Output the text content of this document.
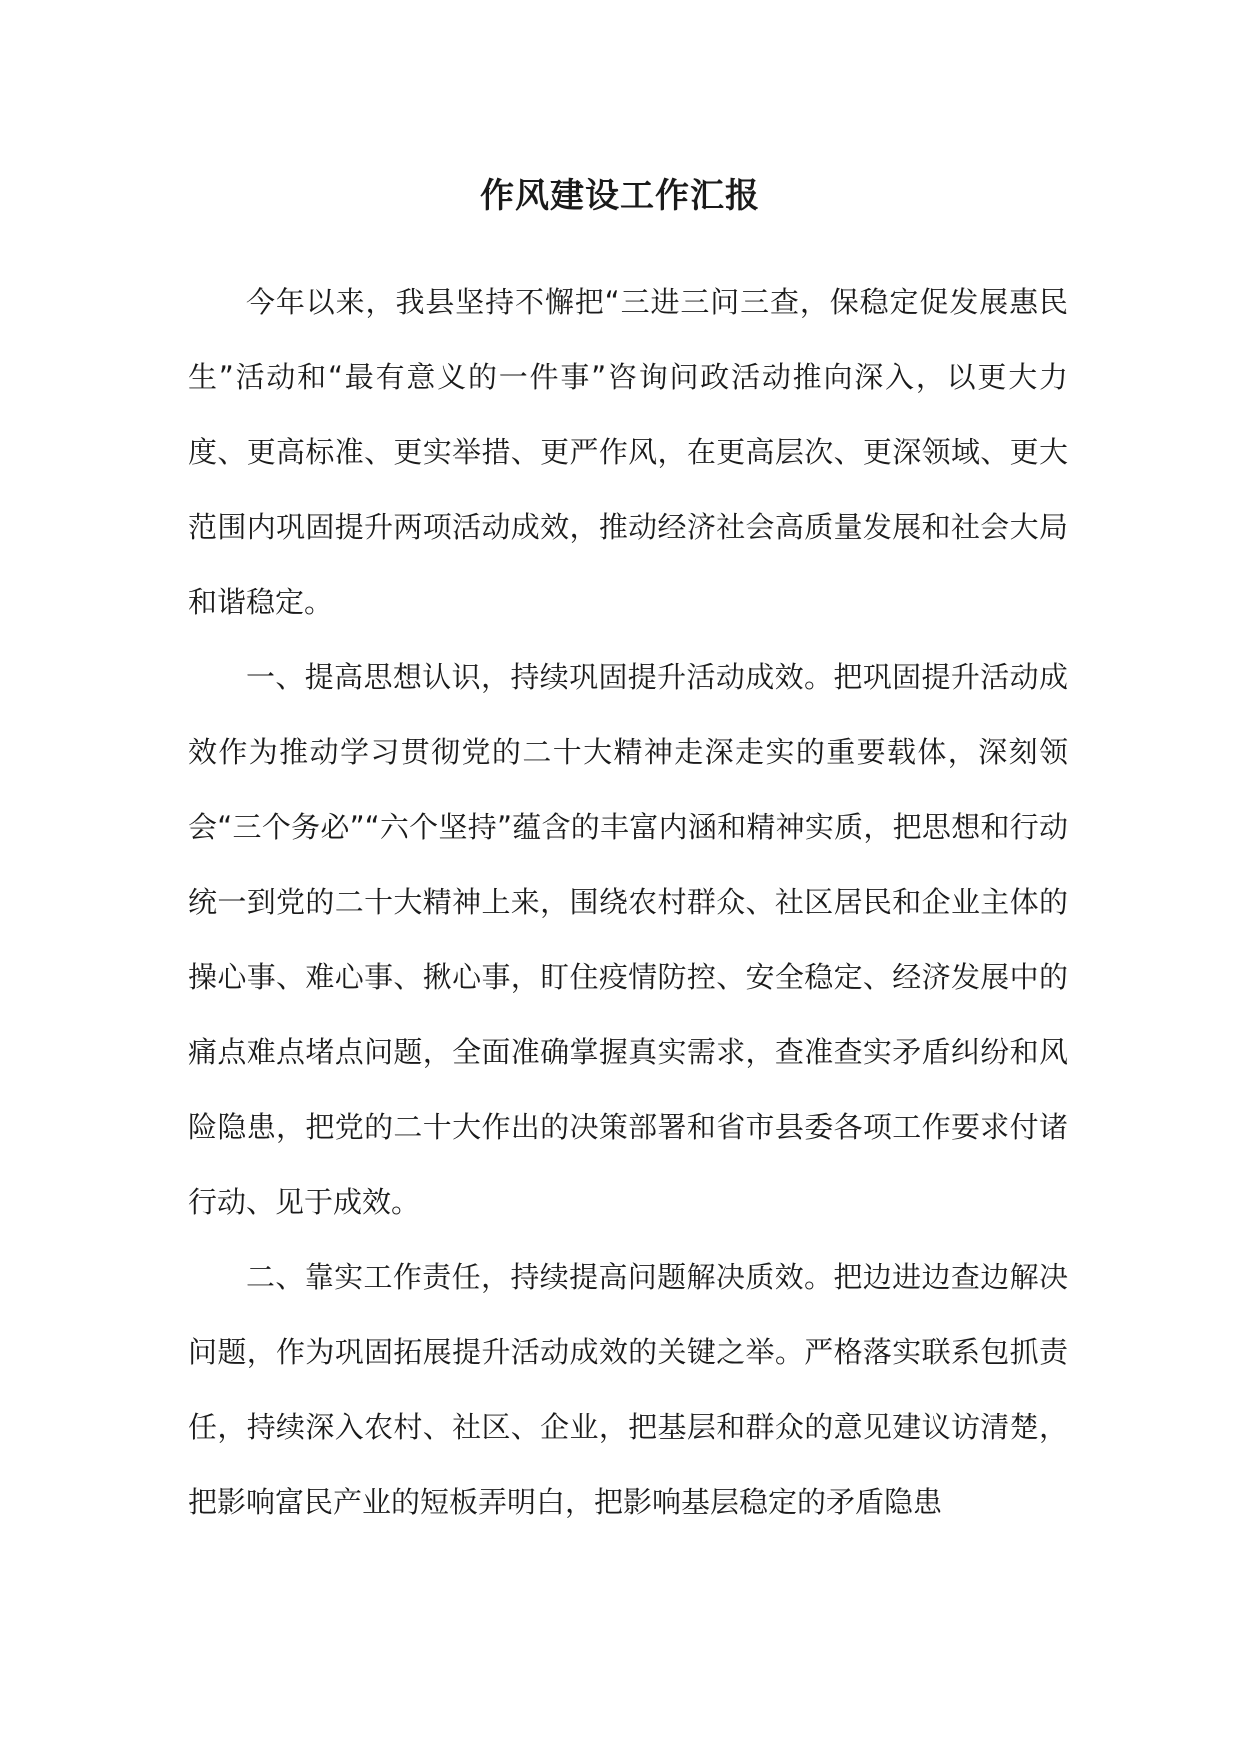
作风建设工作汇报

今年以来，我县坚持不懈把“三进三问三查，保稳定促发展惠民生”活动和“最有意义的一件事”咨询问政活动推向深入，以更大力度、更高标准、更实举措、更严作风，在更高层次、更深领域、更大范围内巩固提升两项活动成效，推动经济社会高质量发展和社会大局和谐稳定。

一、提高思想认识，持续巩固提升活动成效。把巩固提升活动成效作为推动学习贯彻党的二十大精神走深走实的重要载体，深刻领会“三个务必”“六个坚持”蕴含的丰富内涵和精神实质，把思想和行动统一到党的二十大精神上来，围绕农村群众、社区居民和企业主体的操心事、难心事、揪心事，盯住疫情防控、安全稳定、经济发展中的痛点难点堵点问题，全面准确掌握真实需求，查准查实矛盾纠纷和风险隐患，把党的二十大作出的决策部署和省市县委各项工作要求付诸行动、见于成效。

二、靠实工作责任，持续提高问题解决质效。把边进边查边解决问题，作为巩固拓展提升活动成效的关键之举。严格落实联系包抓责任，持续深入农村、社区、企业，把基层和群众的意见建议访清楚，把影响富民产业的短板弄明白，把影响基层稳定的矛盾隐患
